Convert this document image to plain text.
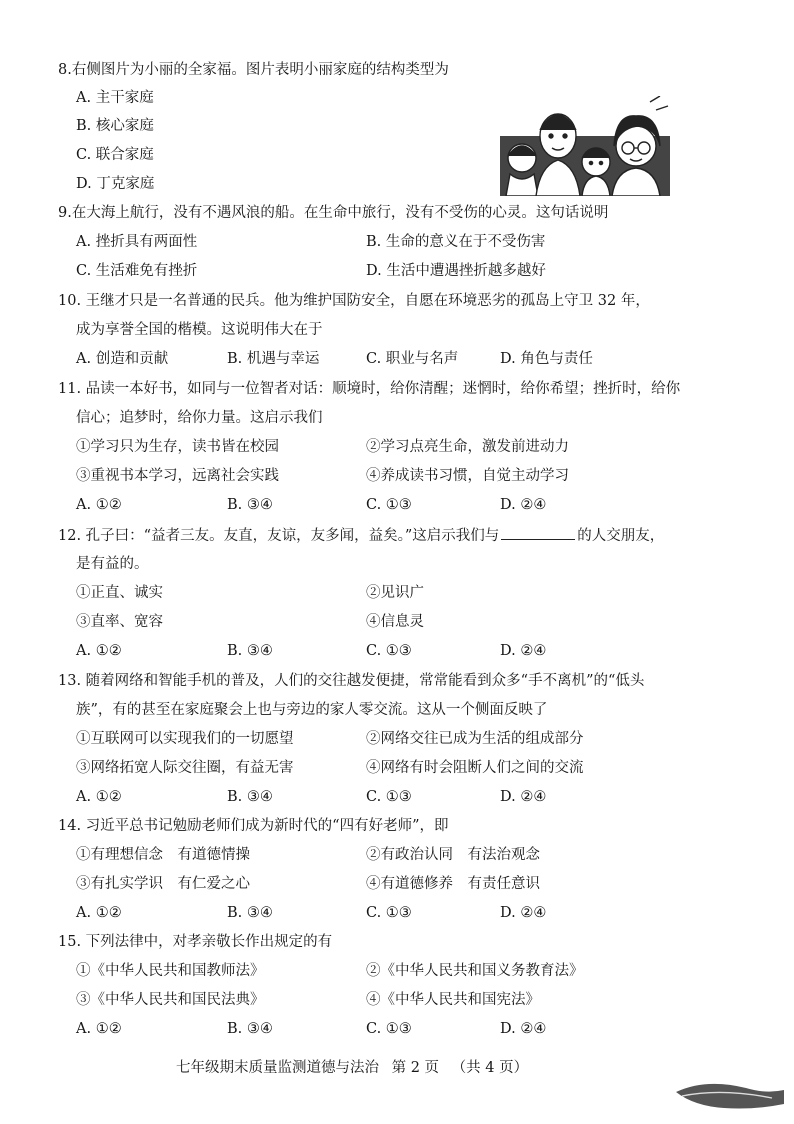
8.右侧图片为小丽的全家福。图片表明小丽家庭的结构类型为
A. 主干家庭
B. 核心家庭
C. 联合家庭
D. 丁克家庭
9.在大海上航行，没有不遇风浪的船。在生命中旅行，没有不受伤的心灵。这句话说明
A. 挫折具有两面性	B. 生命的意义在于不受伤害
C. 生活难免有挫折	D. 生活中遭遇挫折越多越好
10. 王继才只是一名普通的民兵。他为维护国防安全，自愿在环境恶劣的孤岛上守卫 32 年，
成为享誉全国的楷模。这说明伟大在于
A. 创造和贡献	B. 机遇与幸运	C. 职业与名声	D. 角色与责任
11. 品读一本好书，如同与一位智者对话：顺境时，给你清醒；迷惘时，给你希望；挫折时，给你
信心；追梦时，给你力量。这启示我们
①学习只为生存，读书皆在校园	②学习点亮生命，激发前进动力
③重视书本学习，远离社会实践	④养成读书习惯，自觉主动学习
A. ①②	B. ③④	C. ①③	D. ②④
12. 孔子曰：“益者三友。友直，友谅，友多闻，益矣。”这启示我们与	的人交朋友，
是有益的。
①正直、诚实	②见识广
③直率、宽容	④信息灵
A. ①②	B. ③④	C. ①③	D. ②④
13. 随着网络和智能手机的普及，人们的交往越发便捷，常常能看到众多“手不离机”的“低头
族”，有的甚至在家庭聚会上也与旁边的家人零交流。这从一个侧面反映了
①互联网可以实现我们的一切愿望	②网络交往已成为生活的组成部分
③网络拓宽人际交往圈，有益无害	④网络有时会阻断人们之间的交流
A. ①②	B. ③④	C. ①③	D. ②④
14. 习近平总书记勉励老师们成为新时代的“四有好老师”，即
①有理想信念　有道德情操	②有政治认同　有法治观念
③有扎实学识　有仁爱之心	④有道德修养　有责任意识
A. ①②	B. ③④	C. ①③	D. ②④
15. 下列法律中，对孝亲敬长作出规定的有
①《中华人民共和国教师法》	②《中华人民共和国义务教育法》
③《中华人民共和国民法典》	④《中华人民共和国宪法》
A. ①②	B. ③④	C. ①③	D. ②④
七年级期末质量监测道德与法治 第 2 页 （共 4 页）
